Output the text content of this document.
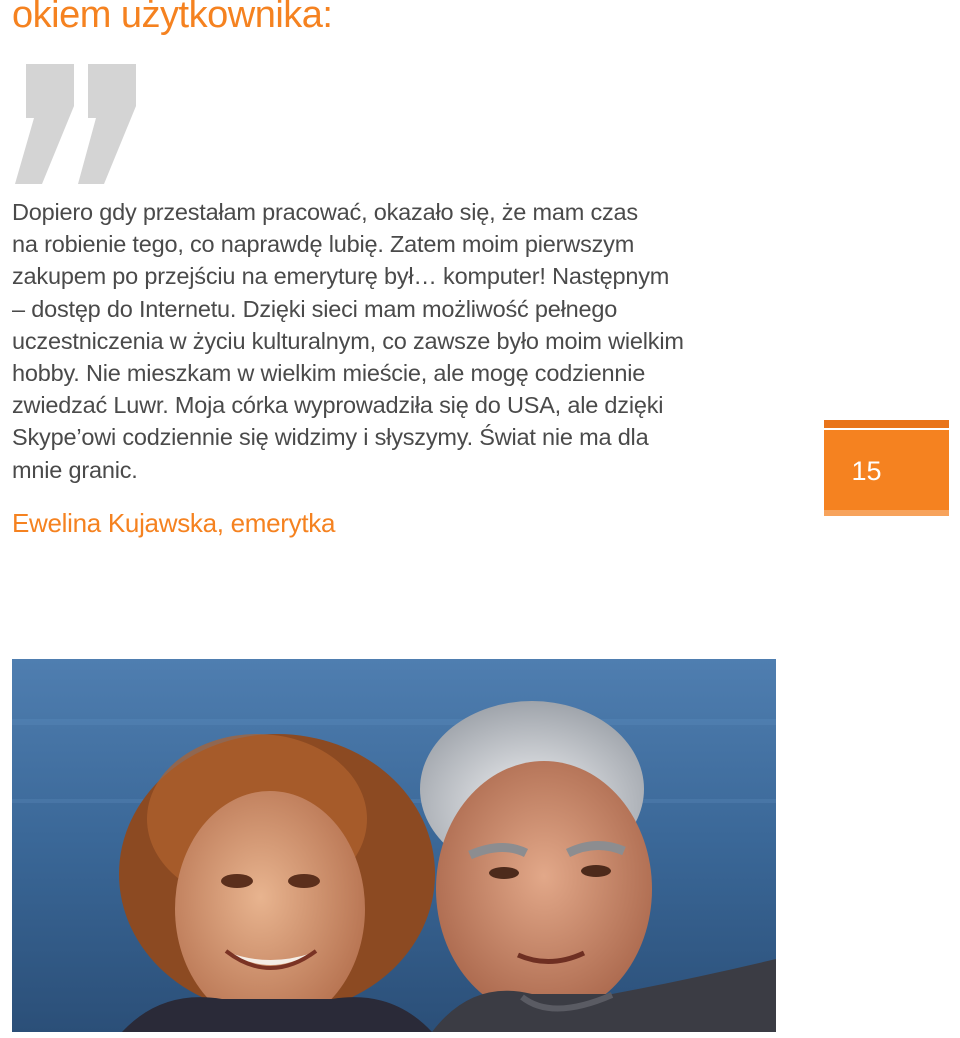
okiem użytkownika:
Dopiero gdy przestałam pracować, okazało się, że mam czas
na robienie tego, co naprawdę lubię. Zatem moim pierwszym
zakupem po przejściu na emeryturę był… komputer! Następnym
– dostęp do Internetu. Dzięki sieci mam możliwość pełnego
uczestniczenia w życiu kulturalnym, co zawsze było moim wielkim
hobby. Nie mieszkam w wielkim mieście, ale mogę codziennie
zwiedzać Luwr. Moja córka wyprowadziła się do USA, ale dzięki
Skype’owi codziennie się widzimy i słyszymy. Świat nie ma dla
mnie granic.

Ewelina Kujawska, emerytka

15
